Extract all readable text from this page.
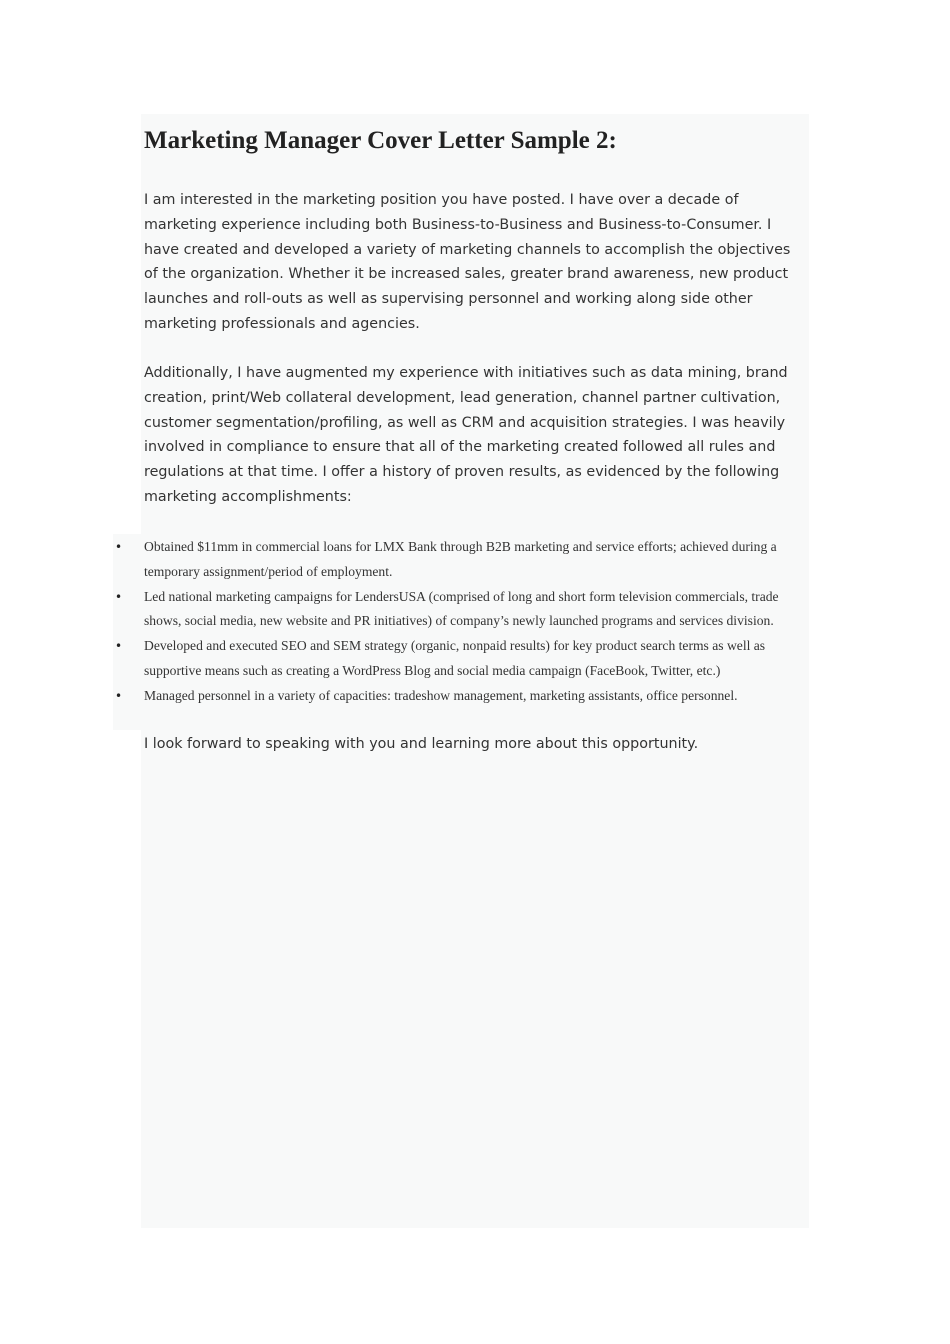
Marketing Manager Cover Letter Sample 2:

I am interested in the marketing position you have posted. I have over a decade of marketing experience including both Business-to-Business and Business-to-Consumer. I have created and developed a variety of marketing channels to accomplish the objectives of the organization. Whether it be increased sales, greater brand awareness, new product launches and roll-outs as well as supervising personnel and working along side other marketing professionals and agencies.

Additionally, I have augmented my experience with initiatives such as data mining, brand creation, print/Web collateral development, lead generation, channel partner cultivation, customer segmentation/profiling, as well as CRM and acquisition strategies. I was heavily involved in compliance to ensure that all of the marketing created followed all rules and regulations at that time. I offer a history of proven results, as evidenced by the following marketing accomplishments:

• Obtained $11mm in commercial loans for LMX Bank through B2B marketing and service efforts; achieved during a temporary assignment/period of employment.
• Led national marketing campaigns for LendersUSA (comprised of long and short form television commercials, trade shows, social media, new website and PR initiatives) of company’s newly launched programs and services division.
• Developed and executed SEO and SEM strategy (organic, nonpaid results) for key product search terms as well as supportive means such as creating a WordPress Blog and social media campaign (FaceBook, Twitter, etc.)
• Managed personnel in a variety of capacities: tradeshow management, marketing assistants, office personnel.

I look forward to speaking with you and learning more about this opportunity.
